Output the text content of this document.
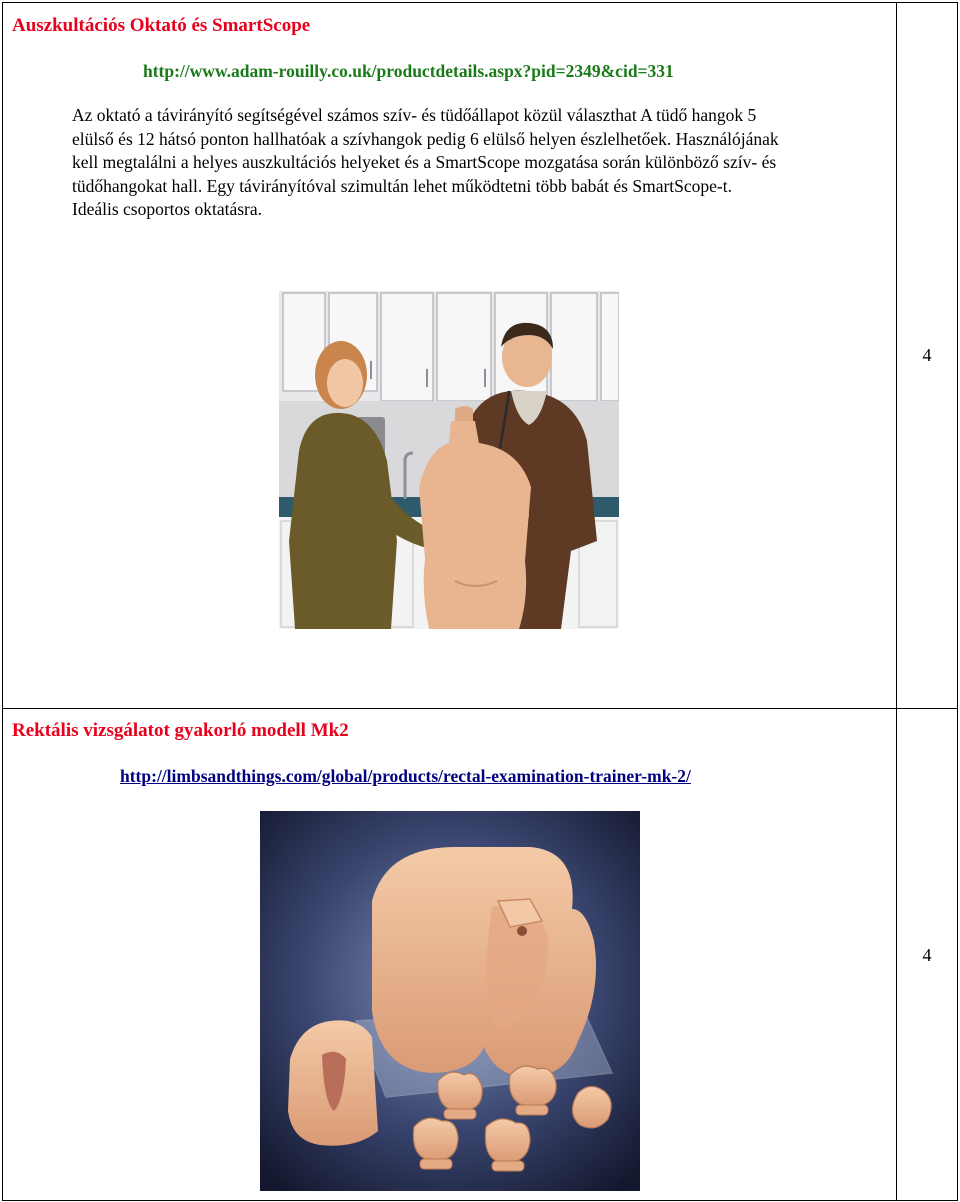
Auszkultációs Oktató és SmartScope
http://www.adam-rouilly.co.uk/productdetails.aspx?pid=2349&cid=331
Az oktató a távirányító segítségével számos szív- és tüdőállapot közül választhat A tüdő hangok 5
elülső és 12 hátsó ponton hallhatóak a szívhangok pedig 6 elülső helyen észlelhetőek. Használójának
kell megtalálni a helyes auszkultációs helyeket és a SmartScope mozgatása során különböző szív- és
tüdőhangokat hall. Egy távirányítóval szimultán lehet működtetni több babát és SmartScope-t.
Ideális csoportos oktatásra.
4
Rektális vizsgálatot gyakorló modell Mk2
http://limbsandthings.com/global/products/rectal-examination-trainer-mk-2/
4
